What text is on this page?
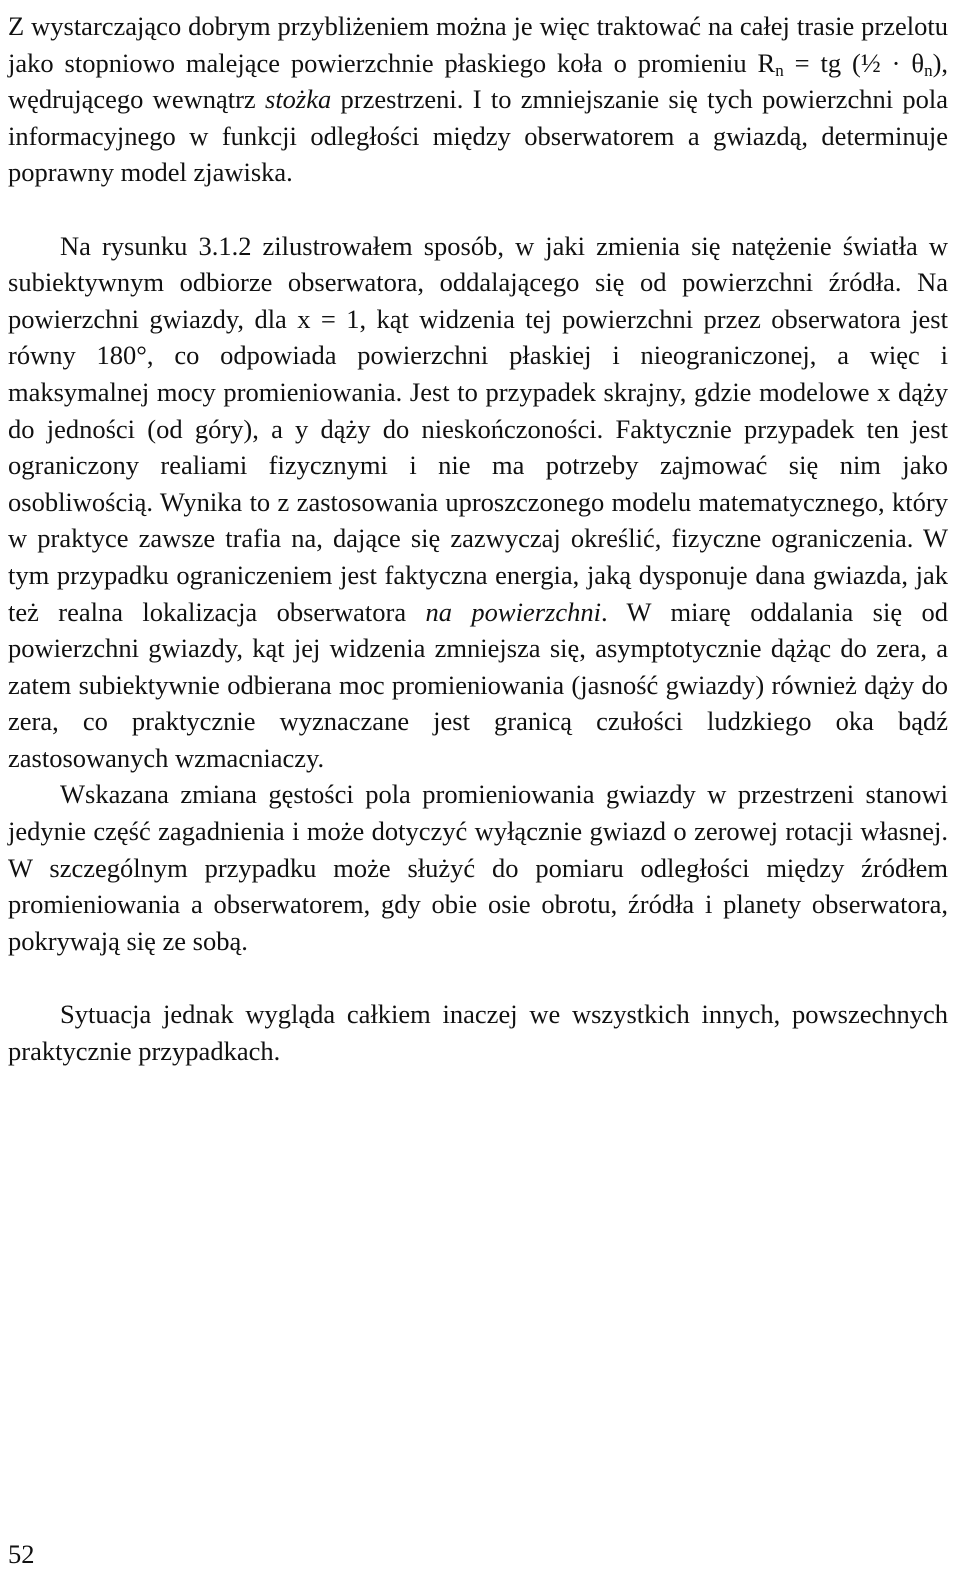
Z wystarczająco dobrym przybliżeniem można je więc traktować na całej trasie przelotu jako stopniowo malejące powierzchnie płaskiego koła o promieniu $R_n$ = tg (½ · $\theta_n$), wędrującego wewnątrz stożka przestrzeni. I to zmniejszanie się tych powierzchni pola informacyjnego w funkcji odległości między obserwatorem a gwiazdą, determinuje poprawny model zjawiska.

Na rysunku 3.1.2 zilustrowałem sposób, w jaki zmienia się natężenie światła w subiektywnym odbiorze obserwatora, oddalającego się od powierzchni źródła. Na powierzchni gwiazdy, dla x = 1, kąt widzenia tej powierzchni przez obserwatora jest równy 180°, co odpowiada powierzchni płaskiej i nieograniczonej, a więc i maksymalnej mocy promieniowania. Jest to przypadek skrajny, gdzie modelowe x dąży do jedności (od góry), a y dąży do nieskończoności. Faktycznie przypadek ten jest ograniczony realiami fizycznymi i nie ma potrzeby zajmować się nim jako osobliwością. Wynika to z zastosowania uproszczonego modelu matematycznego, który w praktyce zawsze trafia na, dające się zazwyczaj określić, fizyczne ograniczenia. W tym przypadku ograniczeniem jest faktyczna energia, jaką dysponuje dana gwiazda, jak też realna lokalizacja obserwatora na powierzchni. W miarę oddalania się od powierzchni gwiazdy, kąt jej widzenia zmniejsza się, asymptotycznie dążąc do zera, a zatem subiektywnie odbierana moc promieniowania (jasność gwiazdy) również dąży do zera, co praktycznie wyznaczane jest granicą czułości ludzkiego oka bądź zastosowanych wzmacniaczy.

Wskazana zmiana gęstości pola promieniowania gwiazdy w przestrzeni stanowi jedynie część zagadnienia i może dotyczyć wyłącznie gwiazd o zerowej rotacji własnej. W szczególnym przypadku może służyć do pomiaru odległości między źródłem promieniowania a obserwatorem, gdy obie osie obrotu, źródła i planety obserwatora, pokrywają się ze sobą.

Sytuacja jednak wygląda całkiem inaczej we wszystkich innych, powszechnych praktycznie przypadkach.

52
